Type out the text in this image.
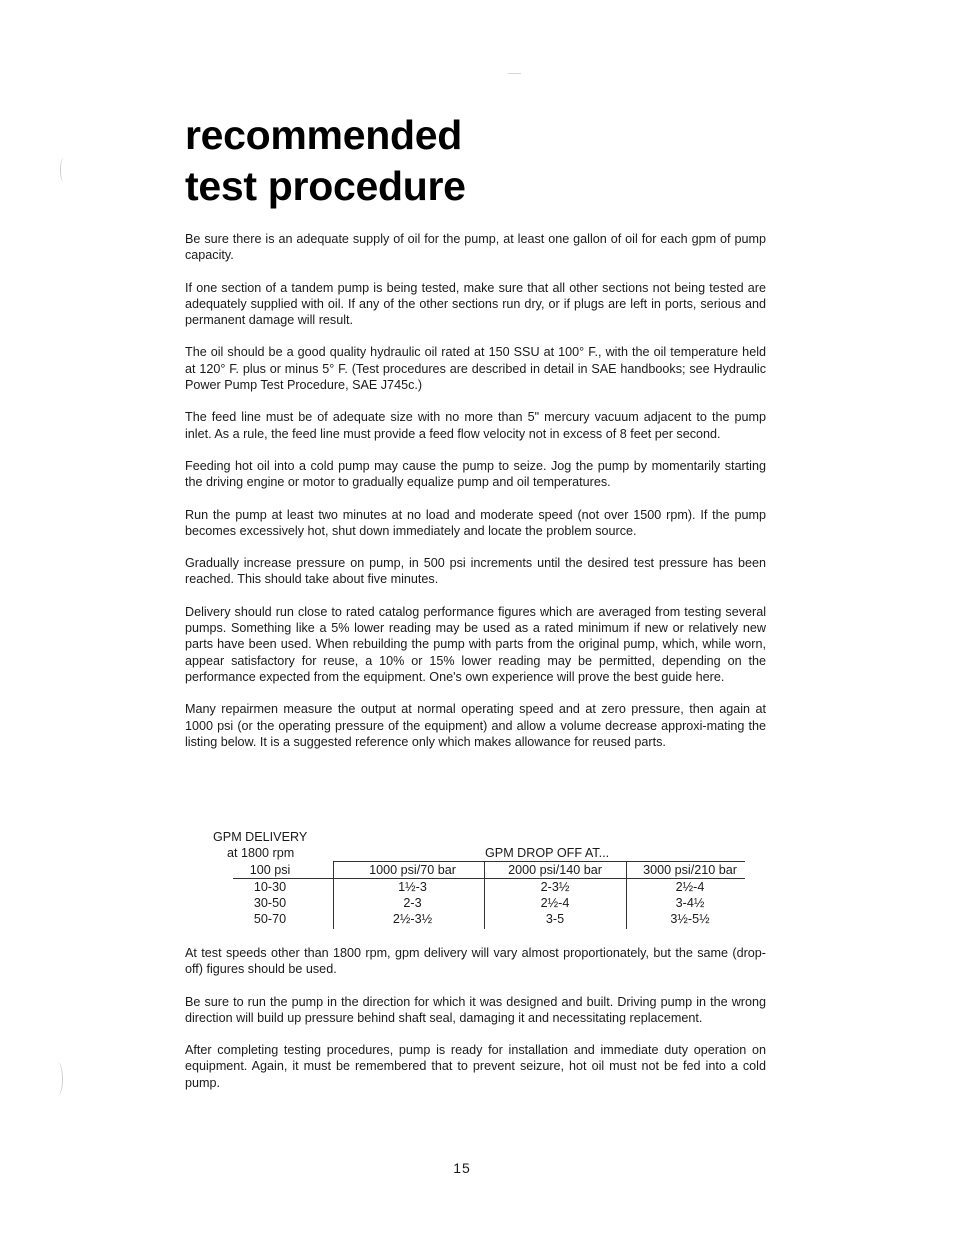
recommended
test procedure

Be sure there is an adequate supply of oil for the pump, at least one gallon of oil for each gpm of pump capacity.

If one section of a tandem pump is being tested, make sure that all other sections not being tested are adequately supplied with oil. If any of the other sections run dry, or if plugs are left in ports, serious and permanent damage will result.

The oil should be a good quality hydraulic oil rated at 150 SSU at 100° F., with the oil temperature held at 120° F. plus or minus 5° F. (Test procedures are described in detail in SAE handbooks; see Hydraulic Power Pump Test Procedure, SAE J745c.)

The feed line must be of adequate size with no more than 5" mercury vacuum adjacent to the pump inlet. As a rule, the feed line must provide a feed flow velocity not in excess of 8 feet per second.

Feeding hot oil into a cold pump may cause the pump to seize. Jog the pump by momentarily starting the driving engine or motor to gradually equalize pump and oil temperatures.

Run the pump at least two minutes at no load and moderate speed (not over 1500 rpm). If the pump becomes excessively hot, shut down immediately and locate the problem source.

Gradually increase pressure on pump, in 500 psi increments until the desired test pressure has been reached. This should take about five minutes.

Delivery should run close to rated catalog performance figures which are averaged from testing several pumps. Something like a 5% lower reading may be used as a rated minimum if new or relatively new parts have been used. When rebuilding the pump with parts from the original pump, which, while worn, appear satisfactory for reuse, a 10% or 15% lower reading may be permitted, depending on the performance expected from the equipment. One's own experience will prove the best guide here.

Many repairmen measure the output at normal operating speed and at zero pressure, then again at 1000 psi (or the operating pressure of the equipment) and allow a volume decrease approxi-mating the listing below. It is a suggested reference only which makes allowance for reused parts.

GPM DELIVERY
at 1800 rpm	GPM DROP OFF AT...
100 psi	1000 psi/70 bar	2000 psi/140 bar	3000 psi/210 bar
10-30	1½-3	2-3½	2½-4
30-50	2-3	2½-4	3-4½
50-70	2½-3½	3-5	3½-5½

At test speeds other than 1800 rpm, gpm delivery will vary almost proportionately, but the same (drop-off) figures should be used.

Be sure to run the pump in the direction for which it was designed and built. Driving pump in the wrong direction will build up pressure behind shaft seal, damaging it and necessitating replacement.

After completing testing procedures, pump is ready for installation and immediate duty operation on equipment. Again, it must be remembered that to prevent seizure, hot oil must not be fed into a cold pump.

15
